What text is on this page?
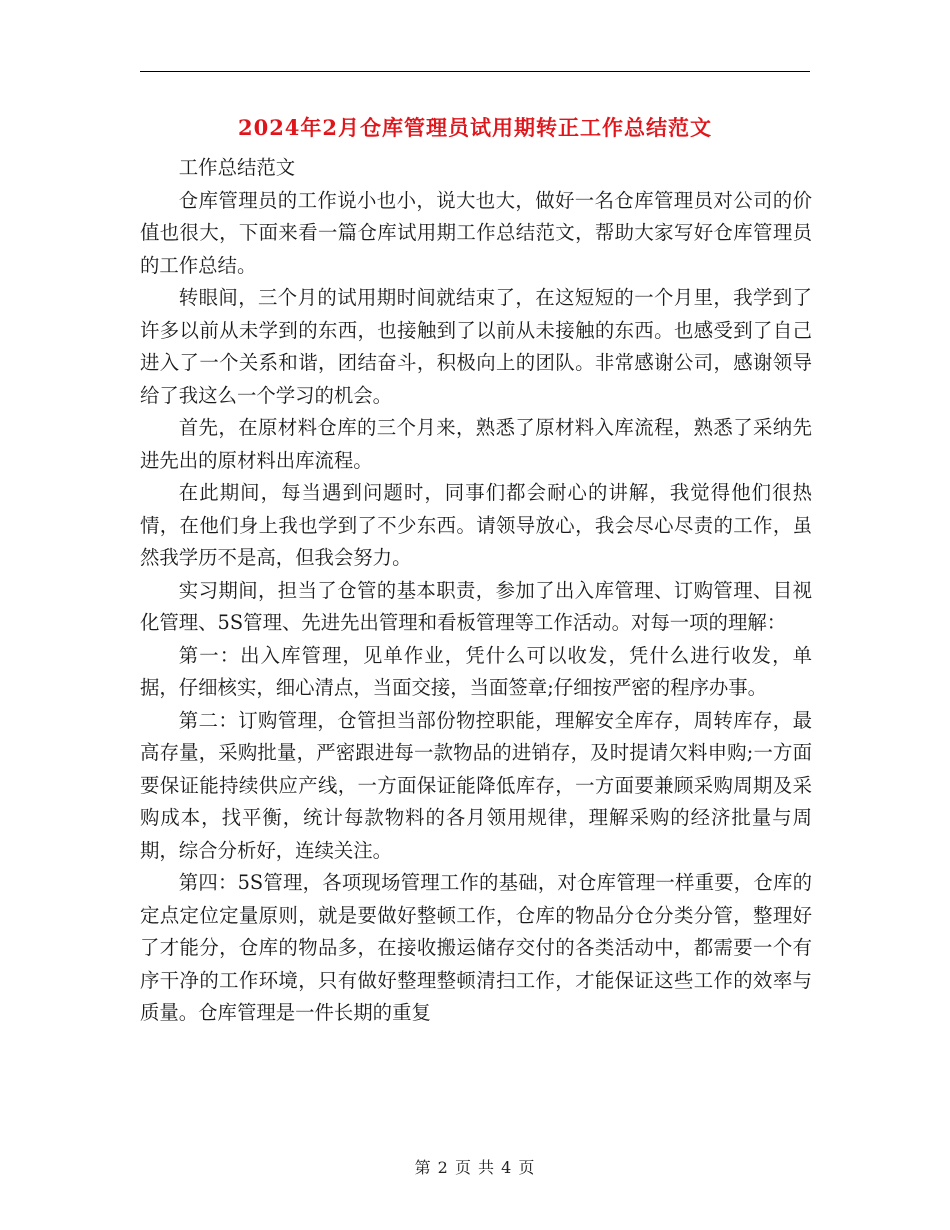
2024年2月仓库管理员试用期转正工作总结范文

工作总结范文

仓库管理员的工作说小也小，说大也大，做好一名仓库管理员对公司的价值也很大，下面来看一篇仓库试用期工作总结范文，帮助大家写好仓库管理员的工作总结。

转眼间，三个月的试用期时间就结束了，在这短短的一个月里，我学到了许多以前从未学到的东西，也接触到了以前从未接触的东西。也感受到了自己进入了一个关系和谐，团结奋斗，积极向上的团队。非常感谢公司，感谢领导给了我这么一个学习的机会。

首先，在原材料仓库的三个月来，熟悉了原材料入库流程，熟悉了采纳先进先出的原材料出库流程。

在此期间，每当遇到问题时，同事们都会耐心的讲解，我觉得他们很热情，在他们身上我也学到了不少东西。请领导放心，我会尽心尽责的工作，虽然我学历不是高，但我会努力。

实习期间，担当了仓管的基本职责，参加了出入库管理、订购管理、目视化管理、5S管理、先进先出管理和看板管理等工作活动。对每一项的理解：

第一：出入库管理，见单作业，凭什么可以收发，凭什么进行收发，单据，仔细核实，细心清点，当面交接，当面签章;仔细按严密的程序办事。

第二：订购管理，仓管担当部份物控职能，理解安全库存，周转库存，最高存量，采购批量，严密跟进每一款物品的进销存，及时提请欠料申购;一方面要保证能持续供应产线，一方面保证能降低库存，一方面要兼顾采购周期及采购成本，找平衡，统计每款物料的各月领用规律，理解采购的经济批量与周期，综合分析好，连续关注。

第四：5S管理，各项现场管理工作的基础，对仓库管理一样重要，仓库的定点定位定量原则，就是要做好整顿工作，仓库的物品分仓分类分管，整理好了才能分，仓库的物品多，在接收搬运储存交付的各类活动中，都需要一个有序干净的工作环境，只有做好整理整顿清扫工作，才能保证这些工作的效率与质量。仓库管理是一件长期的重复

第 2 页 共 4 页
